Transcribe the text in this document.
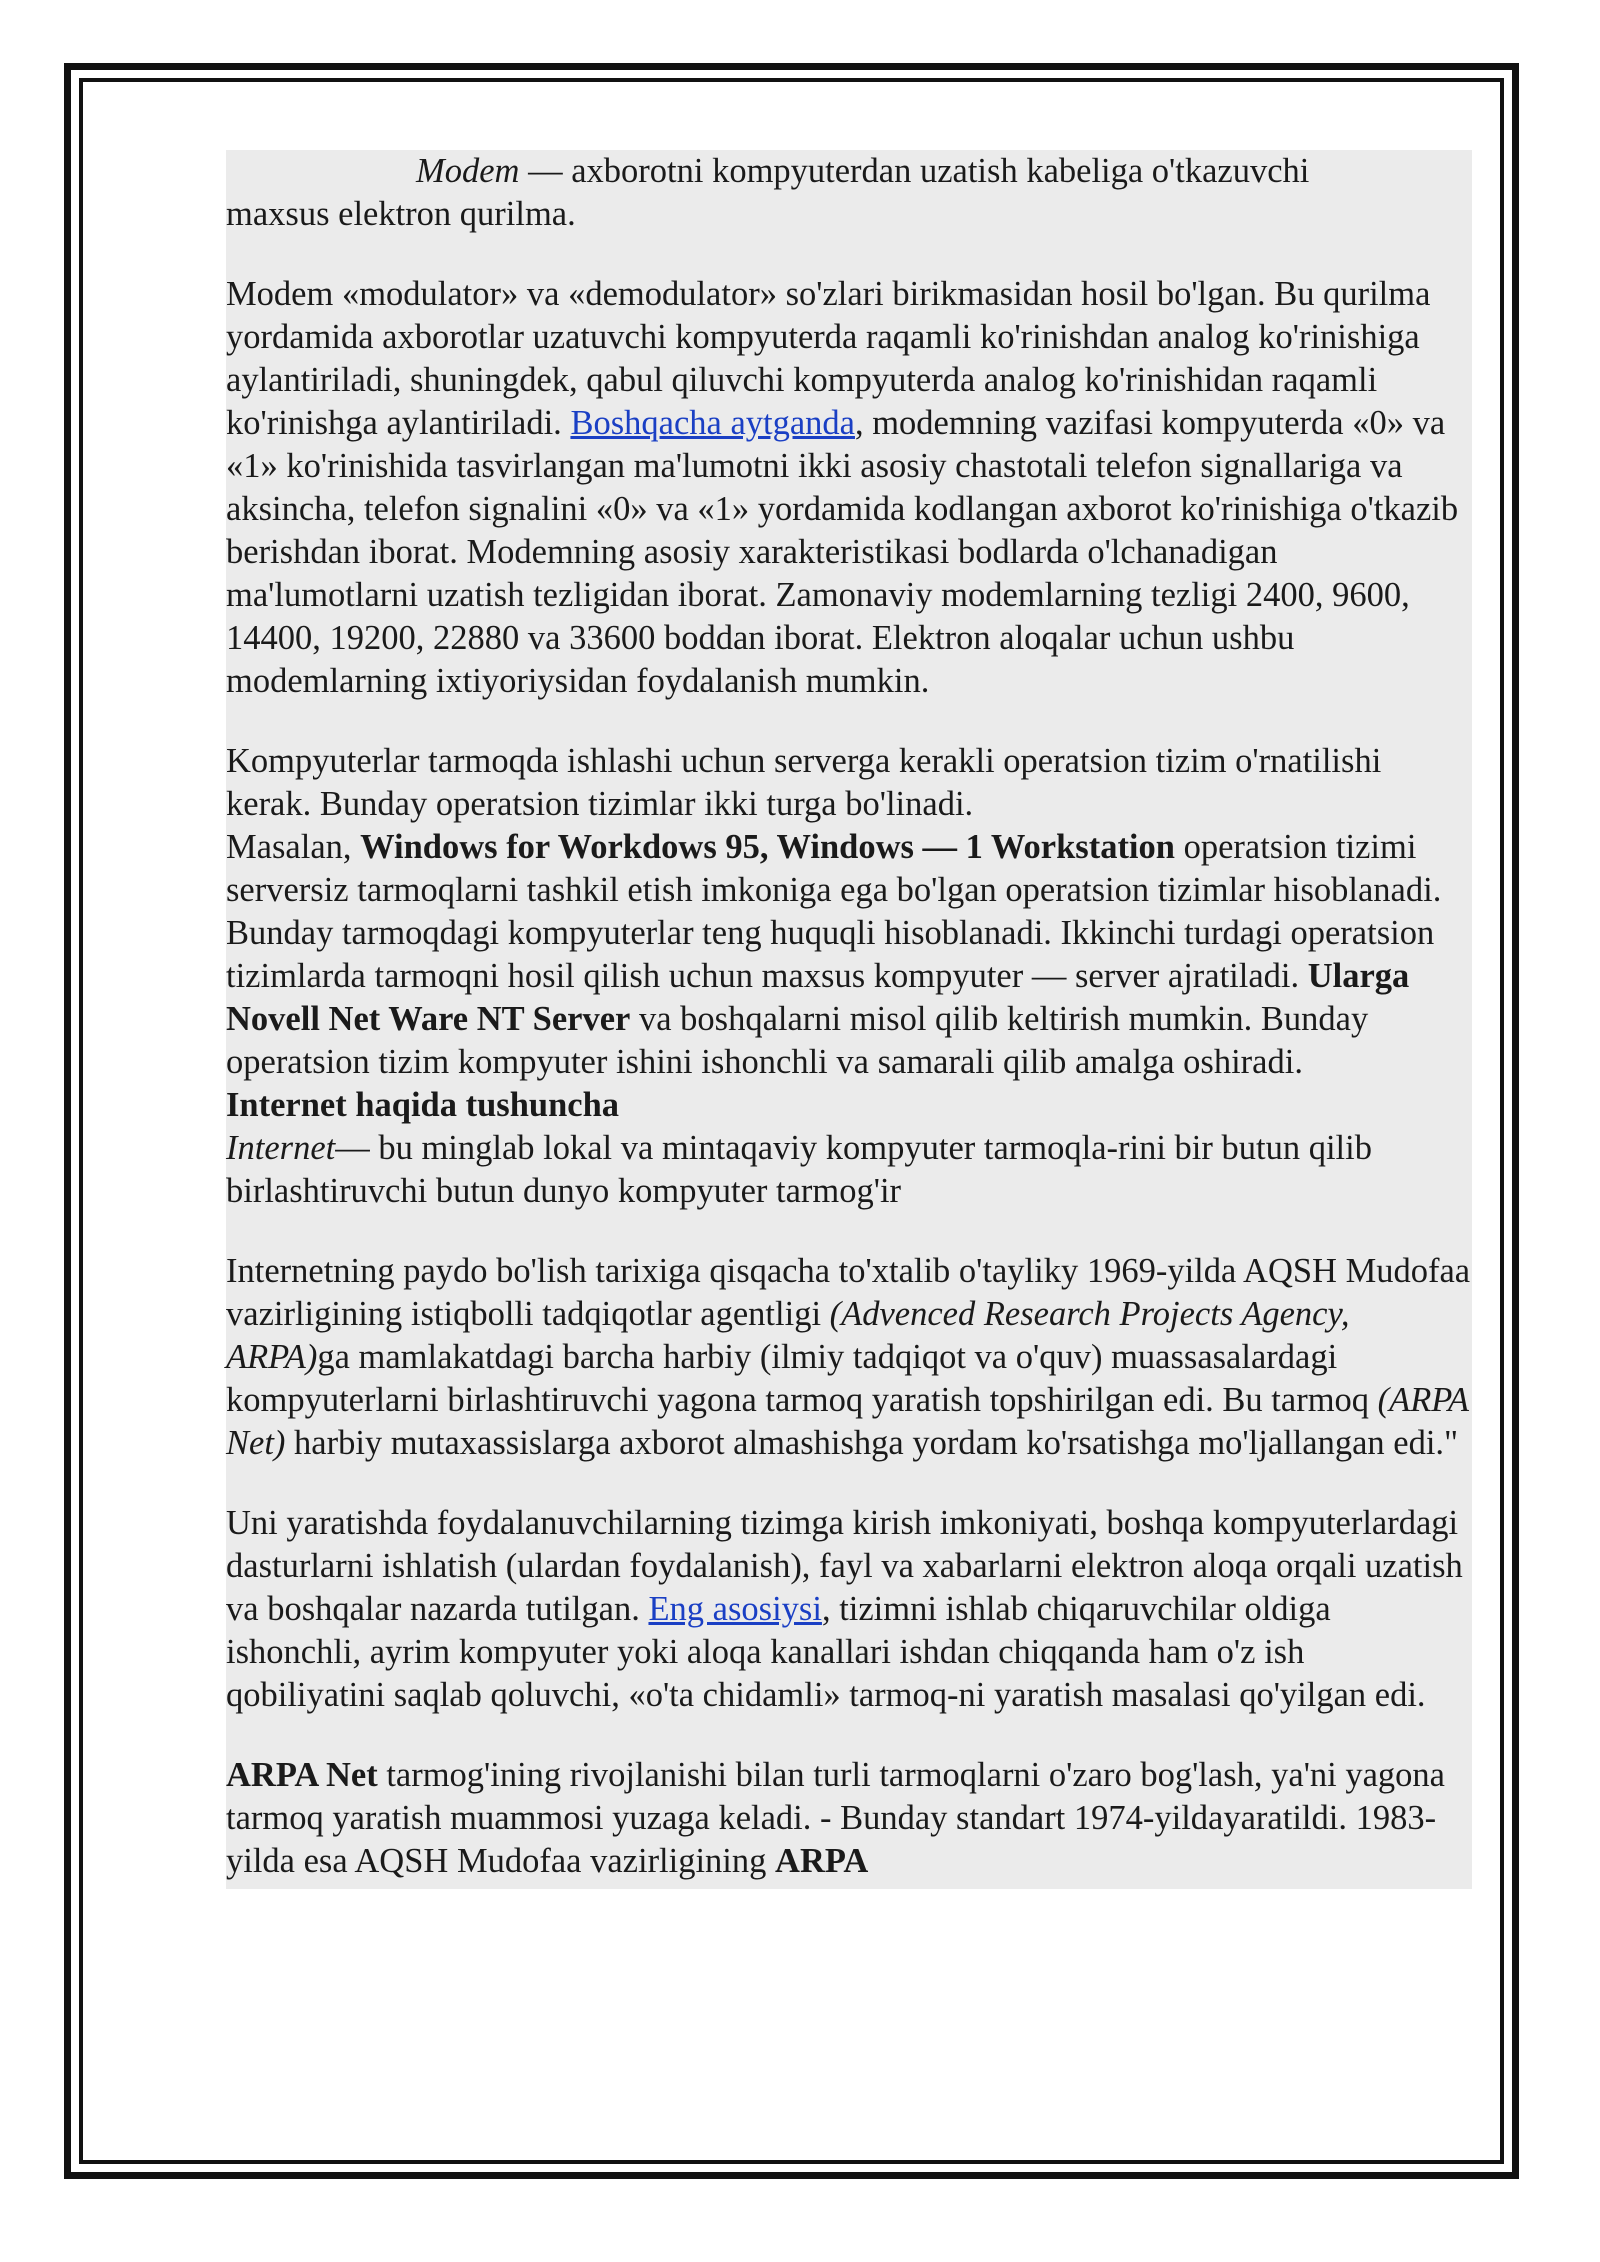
Modem — axborotni kompyuterdan uzatish kabeliga o'tkazuvchi

maxsus elektron qurilma.

Modem «modulator» va «demodulator» so'zlari birikmasidan hosil bo'lgan. Bu qurilma yordamida axborotlar uzatuvchi kompyuterda raqamli ko'rinishdan analog ko'rinishiga aylantiriladi, shuningdek, qabul qiluvchi kompyuterda analog ko'rinishidan raqamli ko'rinishga aylantiriladi. Boshqacha aytganda, modemning vazifasi kompyuterda «0» va «1» ko'rinishida tasvirlangan ma'lumotni ikki asosiy chastotali telefon signallariga va aksincha, telefon signalini «0» va «1» yordamida kodlangan axborot ko'rinishiga o'tkazib berishdan iborat. Modemning asosiy xarakteristikasi bodlarda o'lchanadigan ma'lumotlarni uzatish tezligidan iborat. Zamonaviy modemlarning tezligi 2400, 9600, 14400, 19200, 22880 va 33600 boddan iborat. Elektron aloqalar uchun ushbu modemlarning ixtiyoriysidan foydalanish mumkin.

Kompyuterlar tarmoqda ishlashi uchun serverga kerakli operatsion tizim o'rnatilishi kerak. Bunday operatsion tizimlar ikki turga bo'linadi.

Masalan, Windows for Workdows 95, Windows — 1 Workstation operatsion tizimi serversiz tarmoqlarni tashkil etish imkoniga ega bo'lgan operatsion tizimlar hisoblanadi. Bunday tarmoqdagi kompyuterlar teng huquqli hisoblanadi. Ikkinchi turdagi operatsion tizimlarda tarmoqni hosil qilish uchun maxsus kompyuter — server ajratiladi. Ularga Novell Net Ware NT Server va boshqalarni misol qilib keltirish mumkin. Bunday operatsion tizim kompyuter ishini ishonchli va samarali qilib amalga oshiradi.

Internet haqida tushuncha

Internet— bu minglab lokal va mintaqaviy kompyuter tarmoqla-rini bir butun qilib birlashtiruvchi butun dunyo kompyuter tarmog'ir

Internetning paydo bo'lish tarixiga qisqacha to'xtalib o'tayliky 1969-yilda AQSH Mudofaa vazirligining istiqbolli tadqiqotlar agentligi (Advenced Research Projects Agency, ARPA)ga mamlakatdagi barcha harbiy (ilmiy tadqiqot va o'quv) muassasalardagi kompyuterlarni birlashtiruvchi yagona tarmoq yaratish topshirilgan edi. Bu tarmoq (ARPA Net) harbiy mutaxassislarga axborot almashishga yordam ko'rsatishga mo'ljallangan edi."

Uni yaratishda foydalanuvchilarning tizimga kirish imkoniyati, boshqa kompyuterlardagi dasturlarni ishlatish (ulardan foydalanish), fayl va xabarlarni elektron aloqa orqali uzatish va boshqalar nazarda tutilgan. Eng asosiysi, tizimni ishlab chiqaruvchilar oldiga ishonchli, ayrim kompyuter yoki aloqa kanallari ishdan chiqqanda ham o'z ish qobiliyatini saqlab qoluvchi, «o'ta chidamli» tarmoq-ni yaratish masalasi qo'yilgan edi.

ARPA Net tarmog'ining rivojlanishi bilan turli tarmoqlarni o'zaro bog'lash, ya'ni yagona tarmoq yaratish muammosi yuzaga keladi. - Bunday standart 1974-yildayaratildi. 1983-yilda esa AQSH Mudofaa vazirligining ARPA
